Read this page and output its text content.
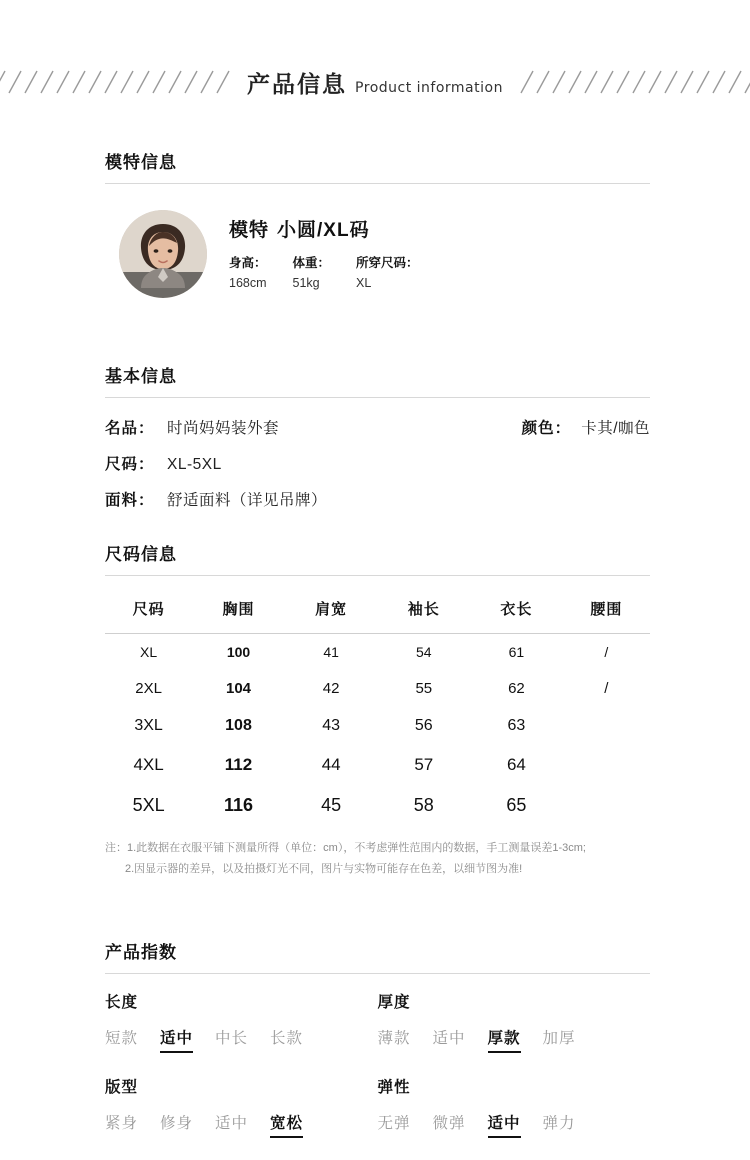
产品信息 Product information
模特信息
模特 小圆/XL码
身高：
168cm
体重：
51kg
所穿尺码：
XL
基本信息
名品： 时尚妈妈装外套
尺码： XL-5XL
面料： 舒适面料（详见吊牌）
颜色： 卡其/咖色
尺码信息
尺码	胸围	肩宽	袖长	衣长	腰围
XL	100	41	54	61	/
2XL	104	42	55	62	/
3XL	108	43	56	63	
4XL	112	44	57	64	
5XL	116	45	58	65	
注：1.此数据在衣服平铺下测量所得（单位：cm），不考虑弹性范围内的数据，手工测量误差1-3cm;
2.因显示器的差异，以及拍摄灯光不同，图片与实物可能存在色差，以细节图为准!
产品指数
长度
短款 适中 中长 长款
版型
紧身 修身 适中 宽松
厚度
薄款 适中 厚款 加厚
弹性
无弹 微弹 适中 弹力
